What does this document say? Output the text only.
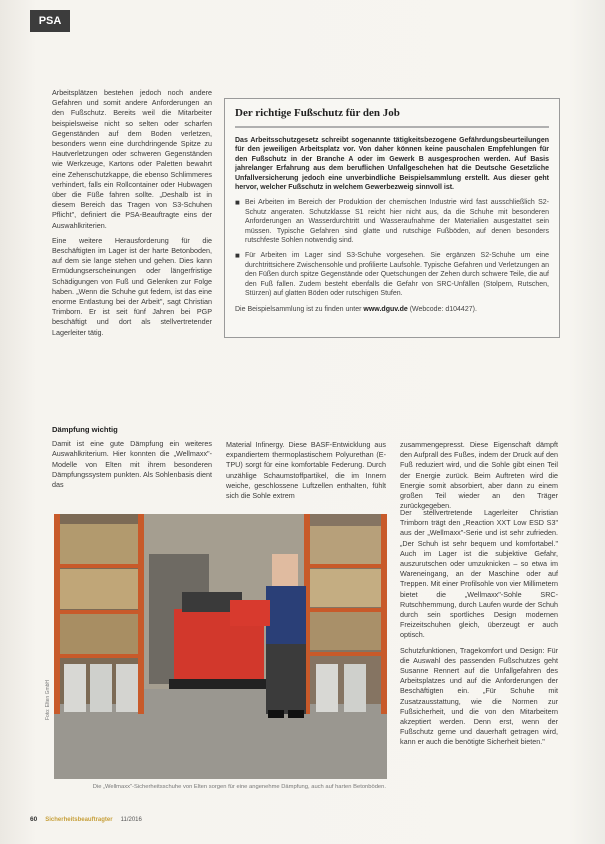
PSA

Arbeitsplätzen bestehen jedoch noch andere Gefahren und somit andere Anforderungen an den Fußschutz. Bereits weil die Mitarbeiter beispielsweise nicht so selten oder scharfen Gegenständen auf dem Boden verletzen, besonders wenn eine durchdringende Spitze zu Hautverletzungen oder schweren Gegenständen wie Werkzeuge, Kartons oder Paletten bewahrt eine Zehenschutzkappe, die ebenso Schlimmeres verhindert, falls ein Rollcontainer oder Hubwagen über die Füße fahren sollte. „Deshalb ist in diesem Bereich das Tragen von S3-Schuhen Pflicht", definiert die PSA-Beauftragte eins der Auswahlkriterien.

Eine weitere Herausforderung für die Beschäftigten im Lager ist der harte Betonboden, auf dem sie lange stehen und gehen. Dies kann Ermüdungserscheinungen oder längerfristige Schädigungen von Fuß und Gelenken zur Folge haben. „Wenn die Schuhe gut federn, ist das eine enorme Entlastung bei der Arbeit", sagt Christian Trimborn. Er ist seit fünf Jahren bei PGP beschäftigt und dort als stellvertretender Lagerleiter tätig.

Dämpfung wichtig

Damit ist eine gute Dämpfung ein weiteres Auswahlkriterium. Hier konnten die „Wellmaxx"-Modelle von Elten mit ihrem besonderen Dämpfungssystem punkten. Als Sohlenbasis dient das

Der richtige Fußschutz für den Job

Das Arbeitsschutzgesetz schreibt sogenannte tätigkeitsbezogene Gefährdungsbeurteilungen für den jeweiligen Arbeitsplatz vor. Von daher können keine pauschalen Empfehlungen für den Fußschutz in der Branche A oder im Gewerk B ausgesprochen werden. Auf Basis jahrelanger Erfahrung aus dem beruflichen Unfallgeschehen hat die Deutsche Gesetzliche Unfallversicherung jedoch eine unverbindliche Beispielsammlung erstellt. Aus dieser geht hervor, welcher Fußschutz in welchem Gewerbezweig sinnvoll ist.

■ Bei Arbeiten im Bereich der Produktion der chemischen Industrie wird fast ausschließlich S2-Schutz angeraten. Schutzklasse S1 reicht hier nicht aus, da die Schuhe mit besonderen Anforderungen an Wasserdurchtritt und Wasseraufnahme der Materialien ausgestattet sein müssen. Typische Gefahren sind glatte und rutschige Fußböden, auf denen besonders rutschfeste Sohlen notwendig sind.
■ Für Arbeiten im Lager sind S3-Schuhe vorgesehen. Sie ergänzen S2-Schuhe um eine durchtrittsichere Zwischensohle und profilierte Laufsohle. Typische Gefahren und Verletzungen an den Füßen durch spitze Gegenstände oder Quetschungen der Zehen durch schwere Teile, die auf den Fuß fallen. Zudem besteht ebenfalls die Gefahr von SRC-Unfällen (Stolpern, Rutschen, Stürzen) auf glatten Böden oder rutschigen Stufen.

Die Beispielsammlung ist zu finden unter www.dguv.de (Webcode: d104427).

Material Infinergy. Diese BASF-Entwicklung aus expandiertem thermoplastischem Polyurethan (E-TPU) sorgt für eine komfortable Federung. Durch unzählige Schaumstoffpartikel, die im Innern weiche, geschlossene Luftzellen enthalten, fühlt sich die Sohle extrem

zusammengepresst. Diese Eigenschaft dämpft den Aufprall des Fußes, indem der Druck auf den Fuß reduziert wird, und die Sohle gibt einen Teil der Energie zurück. Beim Auftreten wird die Energie somit absorbiert, aber dann zu einem großen Teil wieder an den Träger zurückgegeben.

Der stellvertretende Lagerleiter Christian Trimborn trägt den „Reaction XXT Low ESD S3" aus der „Wellmaxx"-Serie und ist sehr zufrieden. „Der Schuh ist sehr bequem und komfortabel." Auch im Lager ist die subjektive Gefahr, auszurutschen oder umzuknicken – so etwa im Wareneingang, an der Maschine oder auf Treppen. Mit einer Profilsohle von vier Millimetern bietet die „Wellmaxx"-Sohle SRC-Rutschhemmung, durch Laufen wurde der Schuh durch sein sportliches Design modernen Freizeitschuhen gleich, überzeugt er auch optisch.

Schutzfunktionen, Tragekomfort und Design: Für die Auswahl des passenden Fußschutzes geht Susanne Rennert auf die Unfallgefahren des Arbeitsplatzes und auf die Anforderungen der Beschäftigten ein. „Für Schuhe mit Zusatzausstattung, wie die Normen zur Fußsicherheit, und die von den Mitarbeitern akzeptiert werden. Denn erst, wenn der Fußschutz gerne und dauerhaft getragen wird, kann er auch die benötigte Sicherheit bieten."

Foto: Elten GmbH
Die „Wellmaxx"-Sicherheitsschuhe von Elten sorgen für eine angenehme Dämpfung, auch auf harten Betonböden.
60 Sicherheitsbeauftragter 11/2016
